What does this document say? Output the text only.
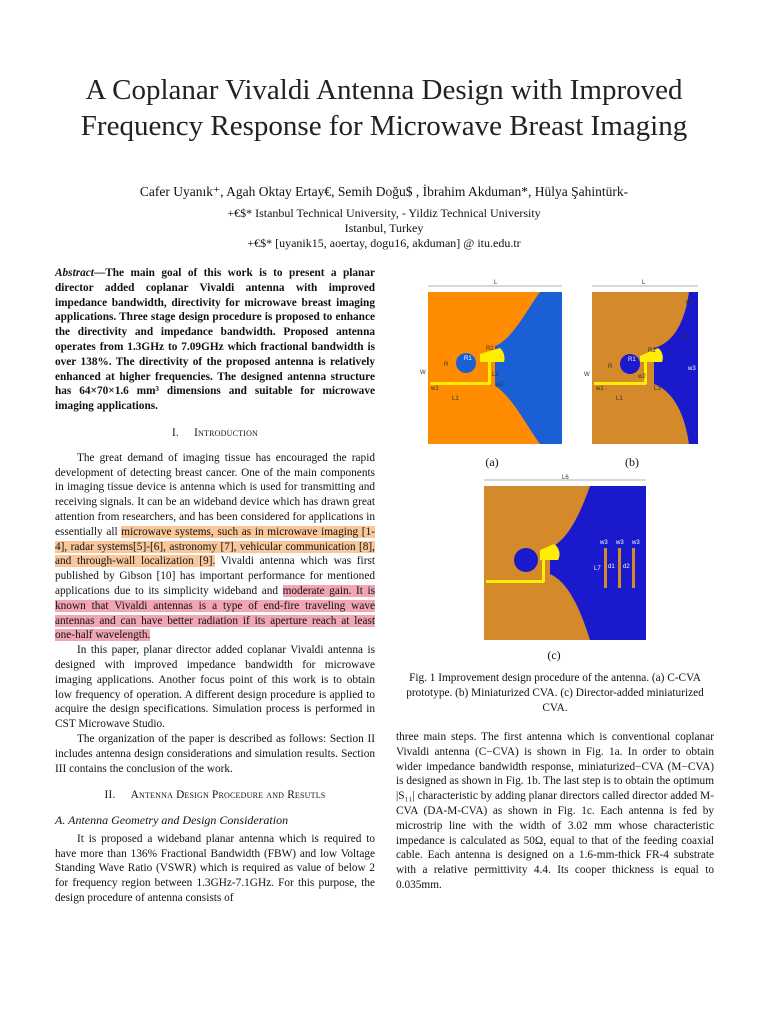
A Coplanar Vivaldi Antenna Design with Improved
Frequency Response for Microwave Breast Imaging
Cafer Uyanık⁺, Agah Oktay Ertay€, Semih Doğu$ , İbrahim Akduman*, Hülya Şahintürk-
+€$* Istanbul Technical University, - Yildiz Technical University
Istanbul, Turkey
+€$* [uyanik15, aoertay, dogu16, akduman] @ itu.edu.tr

Abstract—The main goal of this work is to present a planar director added coplanar Vivaldi antenna with improved impedance bandwidth, directivity for microwave breast imaging applications. Three stage design procedure is proposed to enhance the directivity and impedance bandwidth. Proposed antenna operates from 1.3GHz to 7.09GHz which fractional bandwidth is over 138%. The directivity of the proposed antenna is relatively enhanced at higher frequencies. The designed antenna structure has 64×70×1.6 mm³ dimensions and suitable for microwave imaging applications.

I. Introduction

The great demand of imaging tissue has encouraged the rapid development of detecting breast cancer. One of the main components in imaging tissue device is antenna which is used for transmitting and receiving signals. It can be an wideband device which has drawn great attention from researchers, and has been considered for applications in essentially all microwave systems, such as in microwave imaging [1-4], radar systems[5]-[6], astronomy [7], vehicular communication [8], and through-wall localization [9]. Vivaldi antenna which was first published by Gibson [10] has important performance for mentioned applications due to its simplicity wideband and moderate gain. It is known that Vivaldi antennas is a type of end-fire traveling wave antennas and can have better radiation if its aperture reach at least one-half wavelength.

In this paper, planar director added coplanar Vivaldi antenna is designed with improved impedance bandwidth for microwave imaging applications. Another focus point of this work is to obtain low frequency of operation. A different design procedure is applied to acquire the design specifications. Simulation process is performed in CST Microwave Studio.

The organization of the paper is described as follows: Section II includes antenna design considerations and simulation results. Section III contains the conclusion of the work.

II. Antenna Design Procedure and Resutls
A. Antenna Geometry and Design Consideration

It is proposed a wideband planar antenna which is required to have more than 136% Fractional Bandwidth (FBW) and low Voltage Standing Wave Ratio (VSWR) which is required as value of below 2 for frequency region between 1.3GHz-7.1GHz. For this purpose, the design procedure of antenna consists of

L
W
R
R1
R2
L2
w2
w1
L1
L
W
R
R1
R2
w1
w2
L1
L3
L4
L5
w3
(a)	(b)
L6
w3 w3 w3
L7 d1 d2
(c)
Fig. 1 Improvement design procedure of the antenna. (a) C-CVA prototype. (b) Miniaturized CVA. (c) Director-added miniaturized CVA.
three main steps. The first antenna which is conventional coplanar Vivaldi antenna (C−CVA) is shown in Fig. 1a. In order to obtain wider impedance bandwidth response, miniaturized−CVA (M−CVA) is designed as shown in Fig. 1b. The last step is to obtain the optimum |S₁₁| characteristic by adding planar directors called director added M-CVA (DA-M-CVA) as shown in Fig. 1c. Each antenna is fed by microstrip line with the width of 3.02 mm whose characteristic impedance is calculated as 50Ω, equal to that of the feeding coaxial cable. Each antenna is designed on a 1.6-mm-thick FR-4 substrate with a relative permittivity 4.4. Its cooper thickness is equal to 0.035mm.
